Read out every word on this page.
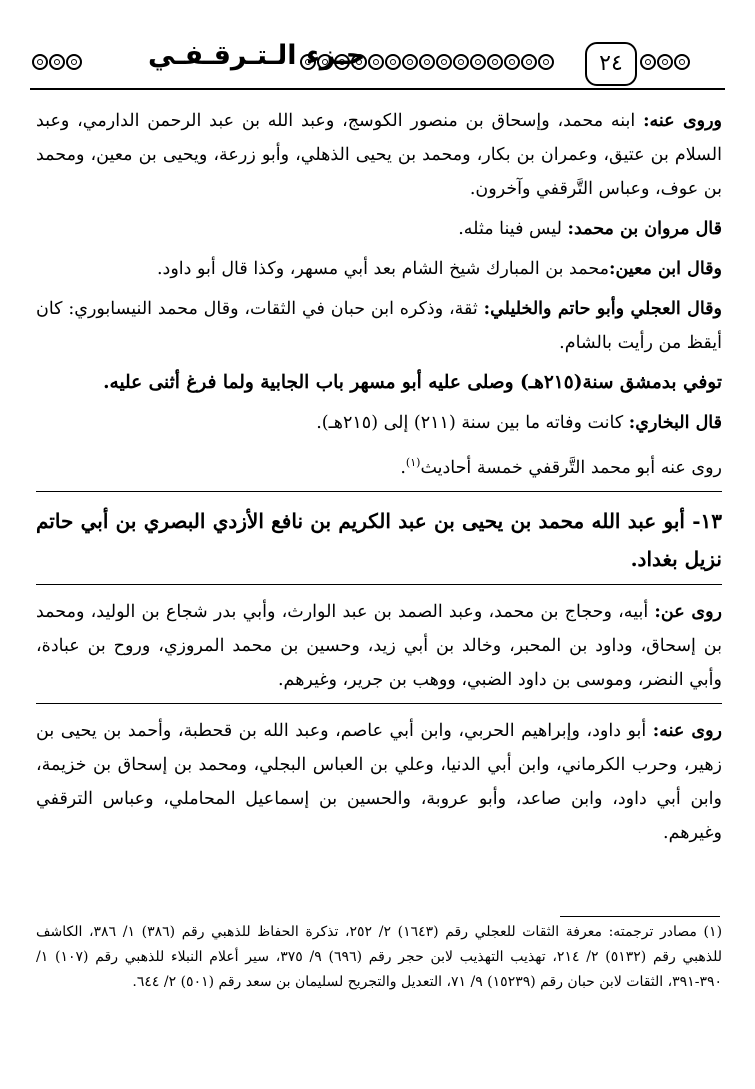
جـزء الـتـرقـفـي	٢٤

وروى عنه: ابنه محمد، وإسحاق بن منصور الكوسج، وعبد الله بن عبد الرحمن الدارمي، وعبد السلام بن عتيق، وعمران بن بكار، ومحمد بن يحيى الذهلي، وأبو زرعة، ويحيى بن معين، ومحمد بن عوف، وعباس التَّرقفي وآخرون.

قال مروان بن محمد: ليس فينا مثله.

وقال ابن معين:محمد بن المبارك شيخ الشام بعد أبي مسهر، وكذا قال أبو داود.

وقال العجلي وأبو حاتم والخليلي: ثقة، وذكره ابن حبان في الثقات، وقال محمد النيسابوري: كان أيقظ من رأيت بالشام.

توفي بدمشق سنة(٢١٥هـ) وصلى عليه أبو مسهر باب الجابية ولما فرغ أثنى عليه.

قال البخاري: كانت وفاته ما بين سنة (٢١١) إلى (٢١٥هـ).

روى عنه أبو محمد التَّرقفي خمسة أحاديث$^{(١)}$.

١٣- أبو عبد الله محمد بن يحيى بن عبد الكريم بن نافع الأزدي البصري بن أبي حاتم نزيل بغداد.

روى عن: أبيه، وحجاج بن محمد، وعبد الصمد بن عبد الوارث، وأبي بدر شجاع بن الوليد، ومحمد بن إسحاق، وداود بن المحبر، وخالد بن أبي زيد، وحسين بن محمد المروزي، وروح بن عبادة، وأبي النضر، وموسى بن داود الضبي، ووهب بن جرير، وغيرهم.

روى عنه: أبو داود، وإبراهيم الحربي، وابن أبي عاصم، وعبد الله بن قحطبة، وأحمد بن يحيى بن زهير، وحرب الكرماني، وابن أبي الدنيا، وعلي بن العباس البجلي، ومحمد بن إسحاق بن خزيمة، وابن أبي داود، وابن صاعد، وأبو عروبة، والحسين بن إسماعيل المحاملي، وعباس الترقفي وغيرهم.

(١) مصادر ترجمته: معرفة الثقات للعجلي رقم (١٦٤٣) ٢/ ٢٥٢، تذكرة الحفاظ للذهبي رقم (٣٨٦) ١/ ٣٨٦، الكاشف للذهبي رقم (٥١٣٢) ٢/ ٢١٤، تهذيب التهذيب لابن حجر رقم (٦٩٦) ٩/ ٣٧٥، سير أعلام النبلاء للذهبي رقم (١٠٧) ١/ ٣٩٠-٣٩١، الثقات لابن حبان رقم (١٥٢٣٩) ٩/ ٧١، التعديل والتجريح لسليمان بن سعد رقم (٥٠١) ٢/ ٦٤٤.
